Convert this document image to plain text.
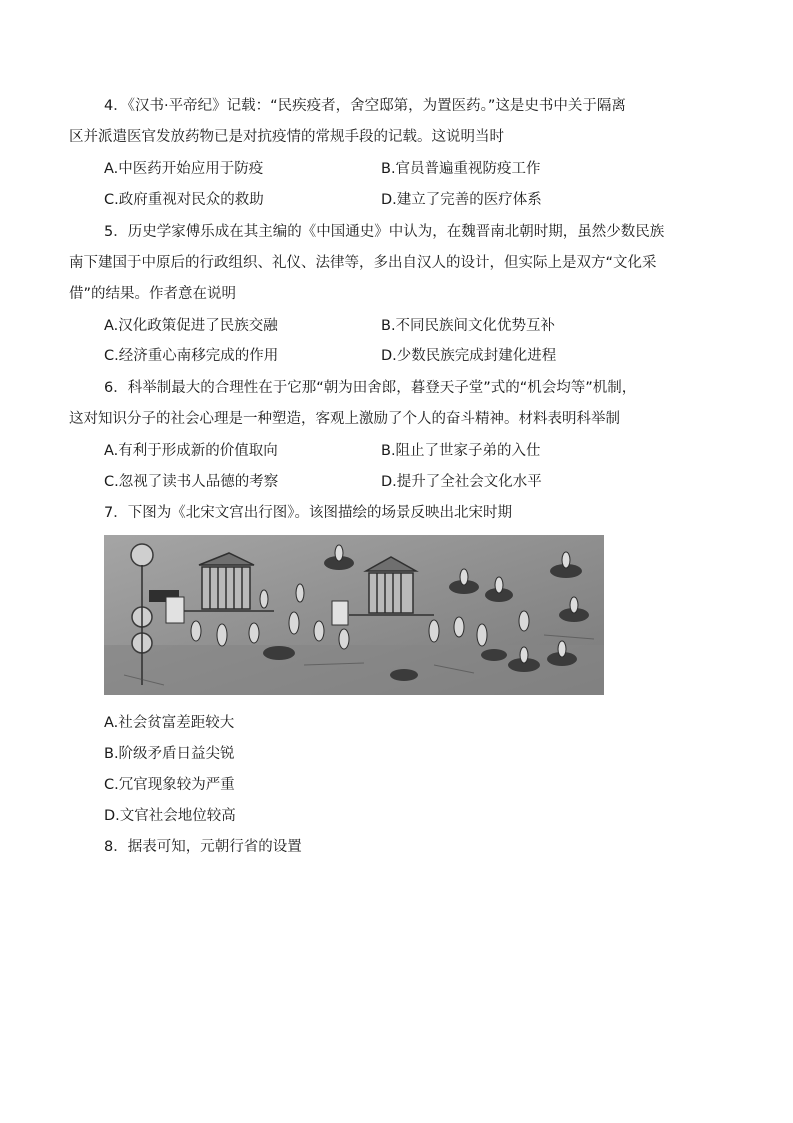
4．《汉书·平帝纪》记载：“民疾疫者，舍空邸第，为置医药。”这是史书中关于隔离
区并派遣医官发放药物已是对抗疫情的常规手段的记载。这说明当时
A.中医药开始应用于防疫	B.官员普遍重视防疫工作
C.政府重视对民众的救助	D.建立了完善的医疗体系
5．历史学家傅乐成在其主编的《中国通史》中认为，在魏晋南北朝时期，虽然少数民族
南下建国于中原后的行政组织、礼仪、法律等，多出自汉人的设计，但实际上是双方“文化采
借”的结果。作者意在说明
A.汉化政策促进了民族交融	B.不同民族间文化优势互补
C.经济重心南移完成的作用	D.少数民族完成封建化进程
6．科举制最大的合理性在于它那“朝为田舍郎，暮登天子堂”式的“机会均等”机制，
这对知识分子的社会心理是一种塑造，客观上激励了个人的奋斗精神。材料表明科举制
A.有利于形成新的价值取向	B.阻止了世家子弟的入仕
C.忽视了读书人品德的考察	D.提升了全社会文化水平
7．下图为《北宋文宫出行图》。该图描绘的场景反映出北宋时期
A.社会贫富差距较大
B.阶级矛盾日益尖锐
C.冗官现象较为严重
D.文官社会地位较高
8．据表可知，元朝行省的设置
